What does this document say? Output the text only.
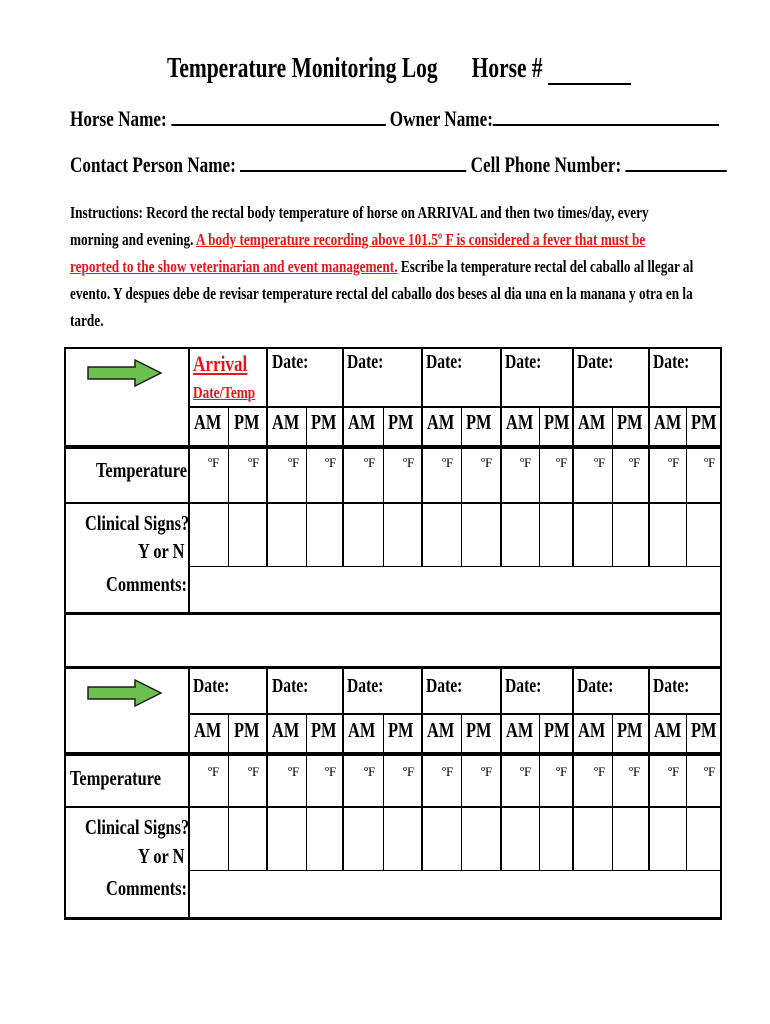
Temperature Monitoring Log Horse #
Horse Name:	Owner Name:
Contact Person Name:	Cell Phone Number:
Instructions: Record the rectal body temperature of horse on ARRIVAL and then two times/day, every morning and evening. A body temperature recording above 101.5º F is considered a fever that must be reported to the show veterinarian and event management. Escribe la temperature rectal del caballo al llegar al evento. Y despues debe de revisar temperature rectal del caballo dos beses al dia una en la manana y otra en la tarde.
Arrival
Date/Temp
Date: Date: Date: Date: Date: Date:
AM PM AM PM AM PM AM PM AM PM AM PM AM PM
Temperature
Clinical Signs?
Y or N
Comments:
ºF ºF ºF ºF ºF ºF ºF ºF ºF ºF ºF ºF ºF ºF
Date: Date: Date: Date: Date: Date: Date:
AM PM AM PM AM PM AM PM AM PM AM PM AM PM
Temperature
Clinical Signs?
Y or N
Comments:
ºF ºF ºF ºF ºF ºF ºF ºF ºF ºF ºF ºF ºF ºF
